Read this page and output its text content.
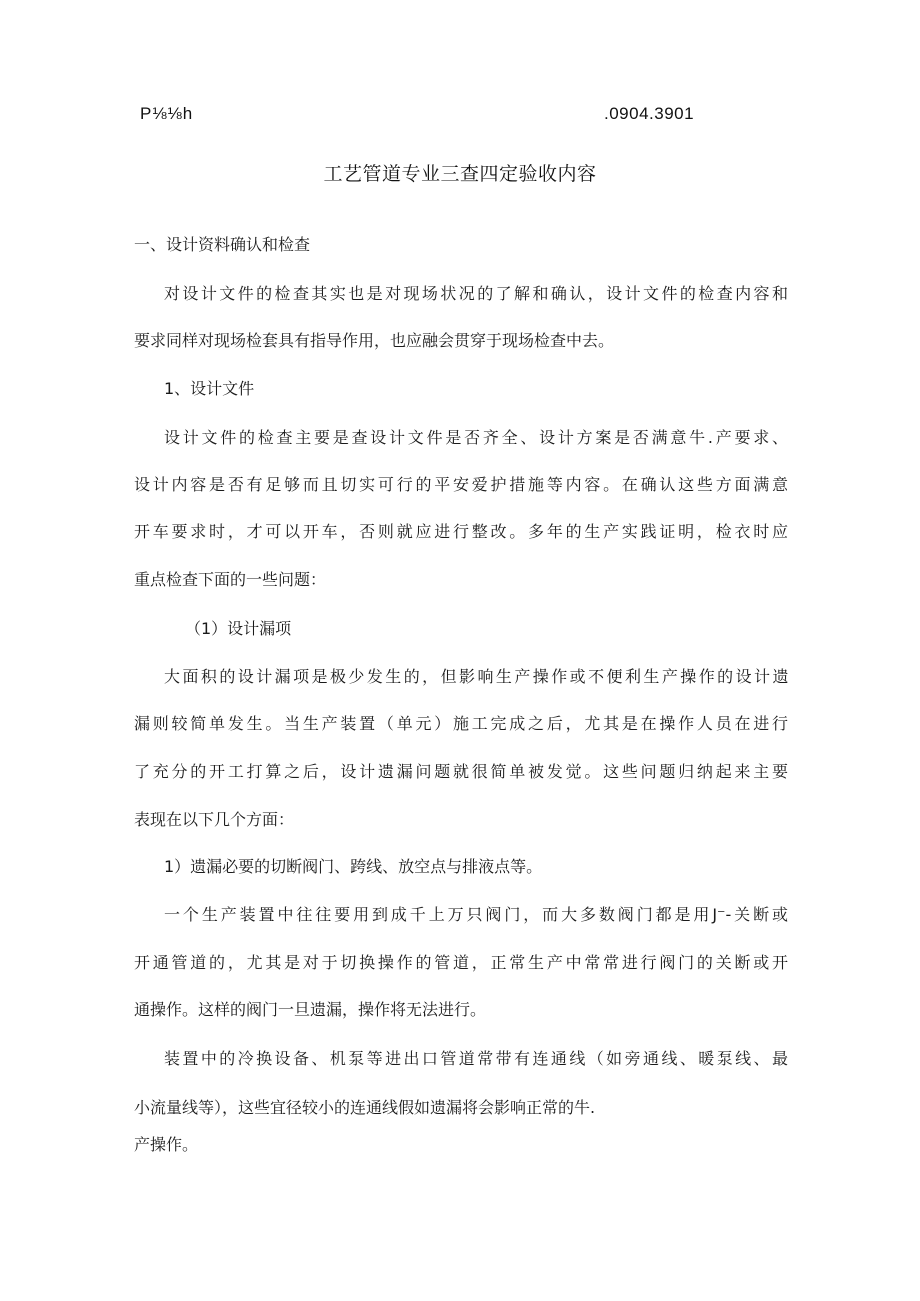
P⅛⅛h	.0904.3901
工艺管道专业三查四定验收内容

一、设计资料确认和检查

对设计文件的检查其实也是对现场状况的了解和确认，设计文件的检查内容和

要求同样对现场检套具有指导作用，也应融会贯穿于现场检查中去。

1、设计文件

设计文件的检查主要是查设计文件是否齐全、设计方案是否满意牛.产要求、

设计内容是否有足够而且切实可行的平安爱护措施等内容。在确认这些方面满意

开车要求时，才可以开车，否则就应进行整改。多年的生产实践证明，检衣时应

重点检查下面的一些问题：

（1）设计漏项

大面积的设计漏项是极少发生的，但影响生产操作或不便利生产操作的设计遗

漏则较简单发生。当生产装置（单元）施工完成之后，尤其是在操作人员在进行

了充分的开工打算之后，设计遗漏问题就很简单被发觉。这些问题归纳起来主要

表现在以下几个方面：

1）遗漏必要的切断阀门、跨线、放空点与排液点等。

一个生产装置中往往要用到成千上万只阀门，而大多数阀门都是用J⁻-关断或

开通管道的，尤其是对于切换操作的管道，正常生产中常常进行阀门的关断或开

通操作。这样的阀门一旦遗漏，操作将无法进行。

装置中的冷换设备、机泵等进出口管道常带有连通线（如旁通线、暖泵线、最

小流量线等），这些宜径较小的连通线假如遗漏将会影响正常的牛.

产操作。
